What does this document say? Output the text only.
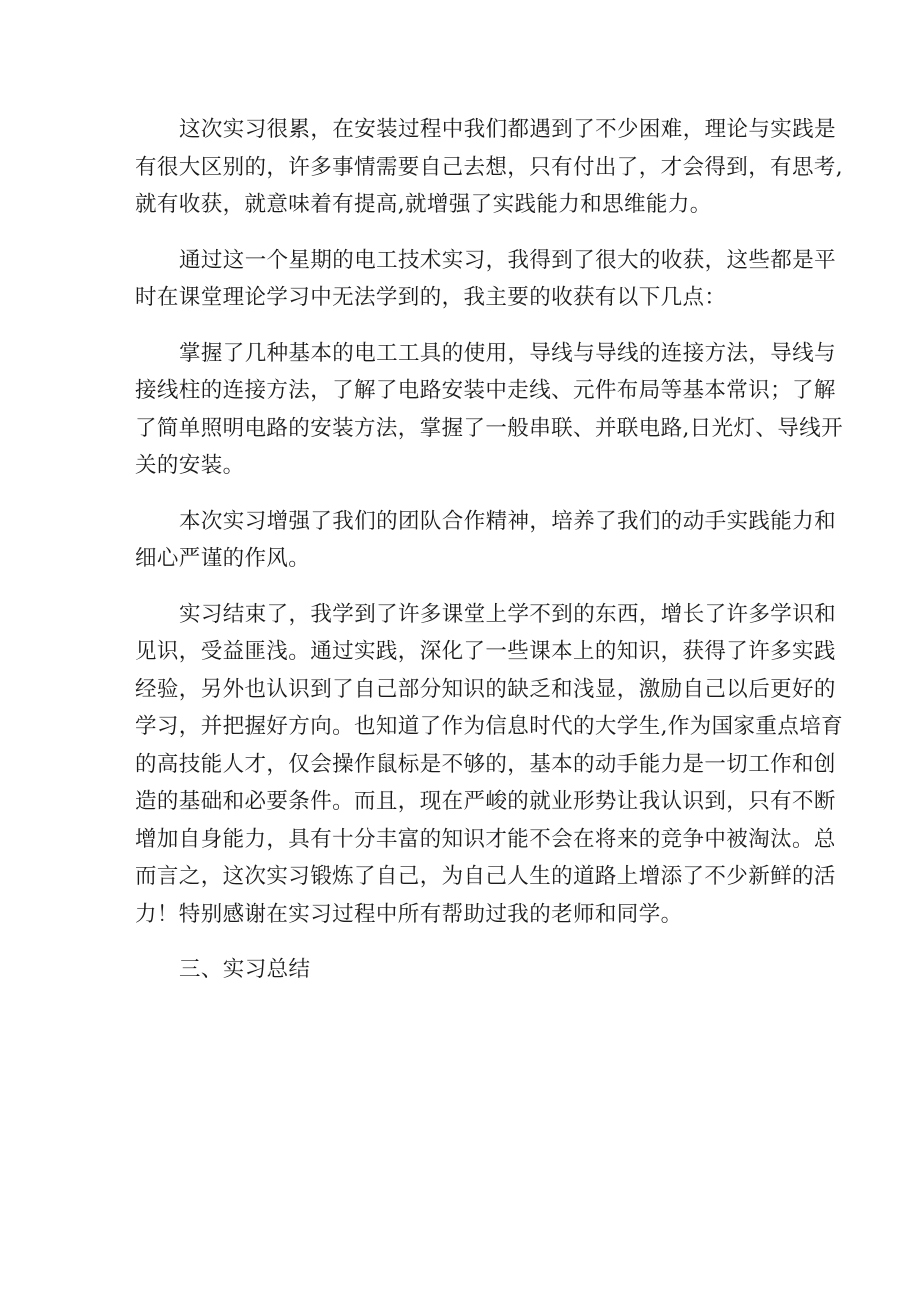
这次实习很累，在安装过程中我们都遇到了不少困难，理论与实践是
有很大区别的，许多事情需要自己去想，只有付出了，才会得到，有思考,
就有收获，就意味着有提高,就增强了实践能力和思维能力。
通过这一个星期的电工技术实习，我得到了很大的收获，这些都是平
时在课堂理论学习中无法学到的，我主要的收获有以下几点：
掌握了几种基本的电工工具的使用，导线与导线的连接方法，导线与
接线柱的连接方法，了解了电路安装中走线、元件布局等基本常识；了解
了简单照明电路的安装方法，掌握了一般串联、并联电路,日光灯、导线开
关的安装。
本次实习增强了我们的团队合作精神，培养了我们的动手实践能力和
细心严谨的作风。
实习结束了，我学到了许多课堂上学不到的东西，增长了许多学识和
见识，受益匪浅。通过实践，深化了一些课本上的知识，获得了许多实践
经验，另外也认识到了自己部分知识的缺乏和浅显，激励自己以后更好的
学习，并把握好方向。也知道了作为信息时代的大学生,作为国家重点培育
的高技能人才，仅会操作鼠标是不够的，基本的动手能力是一切工作和创
造的基础和必要条件。而且，现在严峻的就业形势让我认识到，只有不断
增加自身能力，具有十分丰富的知识才能不会在将来的竞争中被淘汰。总
而言之，这次实习锻炼了自己，为自己人生的道路上增添了不少新鲜的活
力！特别感谢在实习过程中所有帮助过我的老师和同学。
三、实习总结
